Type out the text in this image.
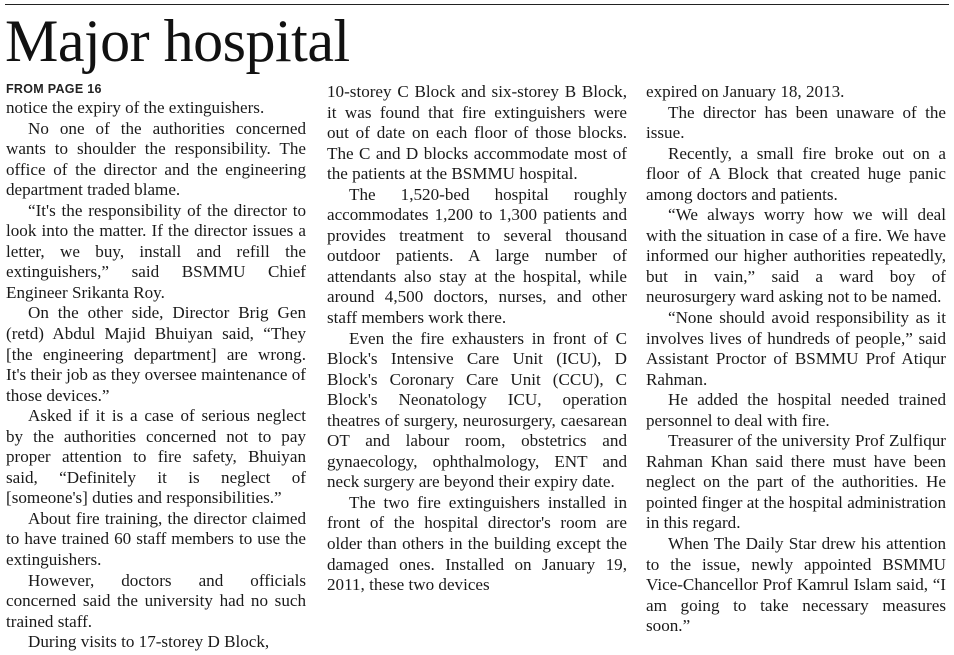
Major hospital
FROM PAGE 16

notice the expiry of the extinguishers.

No one of the authorities concerned wants to shoulder the responsibility. The office of the director and the engineering department traded blame.

“It's the responsibility of the director to look into the matter. If the director issues a letter, we buy, install and refill the extinguishers,” said BSMMU Chief Engineer Srikanta Roy.

On the other side, Director Brig Gen (retd) Abdul Majid Bhuiyan said, “They [the engineering department] are wrong. It's their job as they oversee maintenance of those devices.”

Asked if it is a case of serious neglect by the authorities concerned not to pay proper attention to fire safety, Bhuiyan said, “Definitely it is neglect of [someone's] duties and responsibilities.”

About fire training, the director claimed to have trained 60 staff members to use the extinguishers.

However, doctors and officials concerned said the university had no such trained staff.

During visits to 17-storey D Block,

10-storey C Block and six-storey B Block, it was found that fire extinguishers were out of date on each floor of those blocks. The C and D blocks accommodate most of the patients at the BSMMU hospital.

The 1,520-bed hospital roughly accommodates 1,200 to 1,300 patients and provides treatment to several thousand outdoor patients. A large number of attendants also stay at the hospital, while around 4,500 doctors, nurses, and other staff members work there.

Even the fire exhausters in front of C Block's Intensive Care Unit (ICU), D Block's Coronary Care Unit (CCU), C Block's Neonatology ICU, operation theatres of surgery, neurosurgery, caesarean OT and labour room, obstetrics and gynaecology, ophthalmology, ENT and neck surgery are beyond their expiry date.

The two fire extinguishers installed in front of the hospital director's room are older than others in the building except the damaged ones. Installed on January 19, 2011, these two devices

expired on January 18, 2013.

The director has been unaware of the issue.

Recently, a small fire broke out on a floor of A Block that created huge panic among doctors and patients.

“We always worry how we will deal with the situation in case of a fire. We have informed our higher authorities repeatedly, but in vain,” said a ward boy of neurosurgery ward asking not to be named.

“None should avoid responsibility as it involves lives of hundreds of people,” said Assistant Proctor of BSMMU Prof Atiqur Rahman.

He added the hospital needed trained personnel to deal with fire.

Treasurer of the university Prof Zulfiqur Rahman Khan said there must have been neglect on the part of the authorities. He pointed finger at the hospital administration in this regard.

When The Daily Star drew his attention to the issue, newly appointed BSMMU Vice-Chancellor Prof Kamrul Islam said, “I am going to take necessary measures soon.”
